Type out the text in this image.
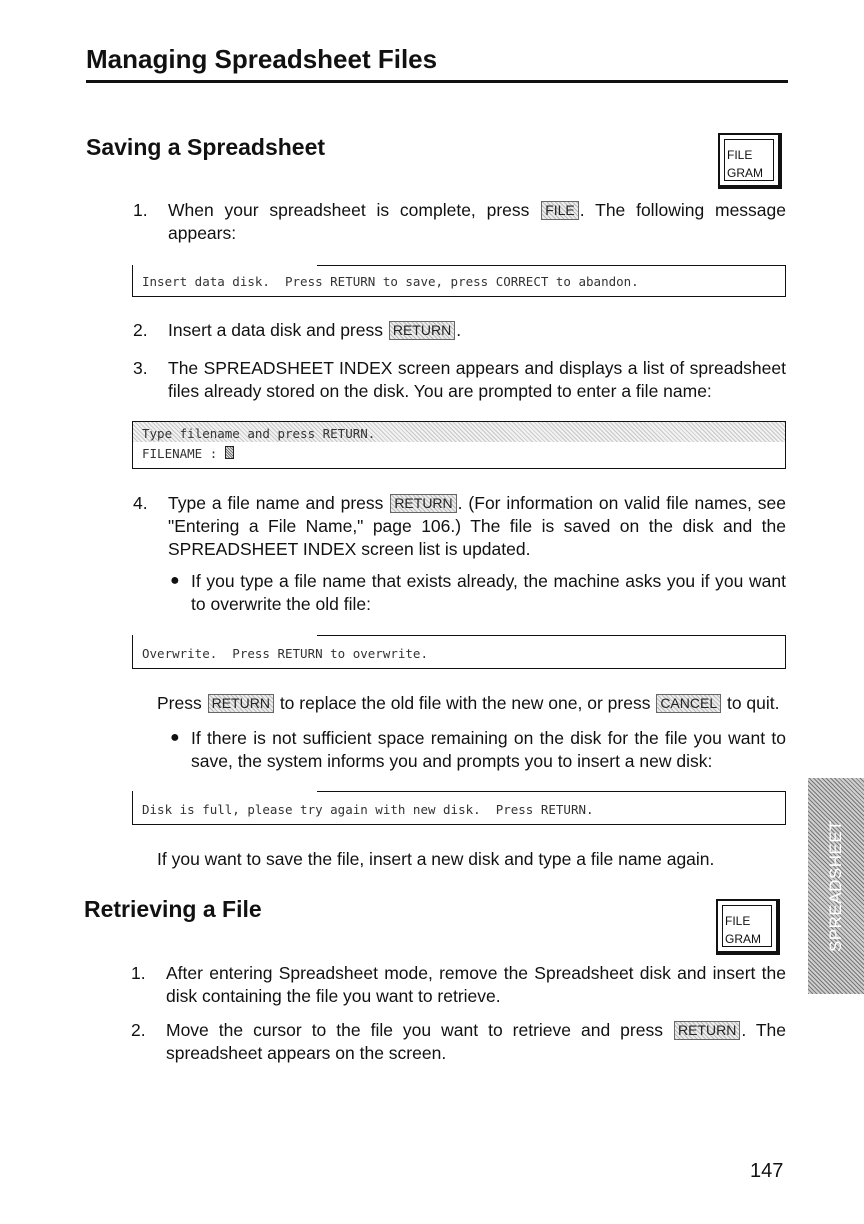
Managing Spreadsheet Files
Saving a Spreadsheet	FILE
GRAM
1. When your spreadsheet is complete, press FILE . The following message appears:
Insert data disk.  Press RETURN to save, press CORRECT to abandon.
2. Insert a data disk and press RETURN .
3. The SPREADSHEET INDEX screen appears and displays a list of spreadsheet files already stored on the disk. You are prompted to enter a file name:
Type filename and press RETURN.
FILENAME :
4. Type a file name and press RETURN . (For information on valid file names, see "Entering a File Name," page 106.) The file is saved on the disk and the SPREADSHEET INDEX screen list is updated.
● If you type a file name that exists already, the machine asks you if you want to overwrite the old file:
Overwrite.  Press RETURN to overwrite.
Press RETURN to replace the old file with the new one, or press CANCEL to quit.
● If there is not sufficient space remaining on the disk for the file you want to save, the system informs you and prompts you to insert a new disk:
Disk is full, please try again with new disk.  Press RETURN.
If you want to save the file, insert a new disk and type a file name again.
Retrieving a File	FILE
GRAM
1. After entering Spreadsheet mode, remove the Spreadsheet disk and insert the disk containing the file you want to retrieve.
2. Move the cursor to the file you want to retrieve and press RETURN . The spreadsheet appears on the screen.
SPREADSHEET
147
